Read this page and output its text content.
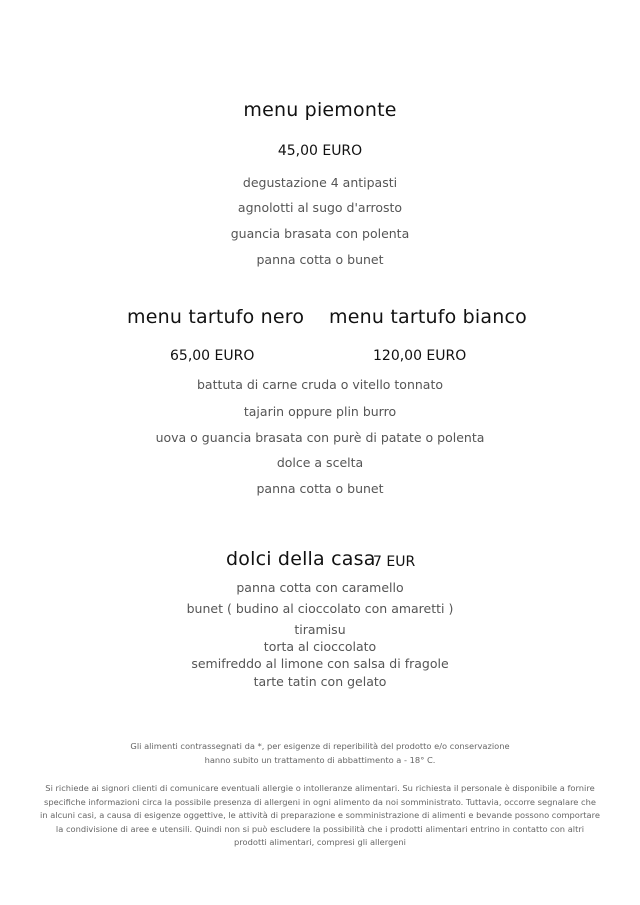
menu piemonte
45,00 EURO
degustazione 4 antipasti
agnolotti al sugo d'arrosto
guancia brasata con polenta
panna cotta o bunet
menu tartufo nero menu tartufo bianco
65,00 EURO	120,00 EURO
battuta di carne cruda o vitello tonnato
tajarin oppure plin burro
uova o guancia brasata con purè di patate o polenta
dolce a scelta
panna cotta o bunet
dolci della casa
7 EUR
panna cotta con caramello
bunet ( budino al cioccolato con amaretti )
tiramisu
torta al cioccolato
semifreddo al limone con salsa di fragole
tarte tatin con gelato
Gli alimenti contrassegnati da *, per esigenze di reperibilità del prodotto e/o conservazione
hanno subito un trattamento di abbattimento a - 18° C.
Si richiede ai signori clienti di comunicare eventuali allergie o intolleranze alimentari. Su richiesta il personale è disponibile a fornire specifiche informazioni circa la possibile presenza di allergeni in ogni alimento da noi somministrato. Tuttavia, occorre segnalare che in alcuni casi, a causa di esigenze oggettive, le attività di preparazione e somministrazione di alimenti e bevande possono comportare la condivisione di aree e utensili. Quindi non si può escludere la possibilità che i prodotti alimentari entrino in contatto con altri prodotti alimentari, compresi gli allergeni
